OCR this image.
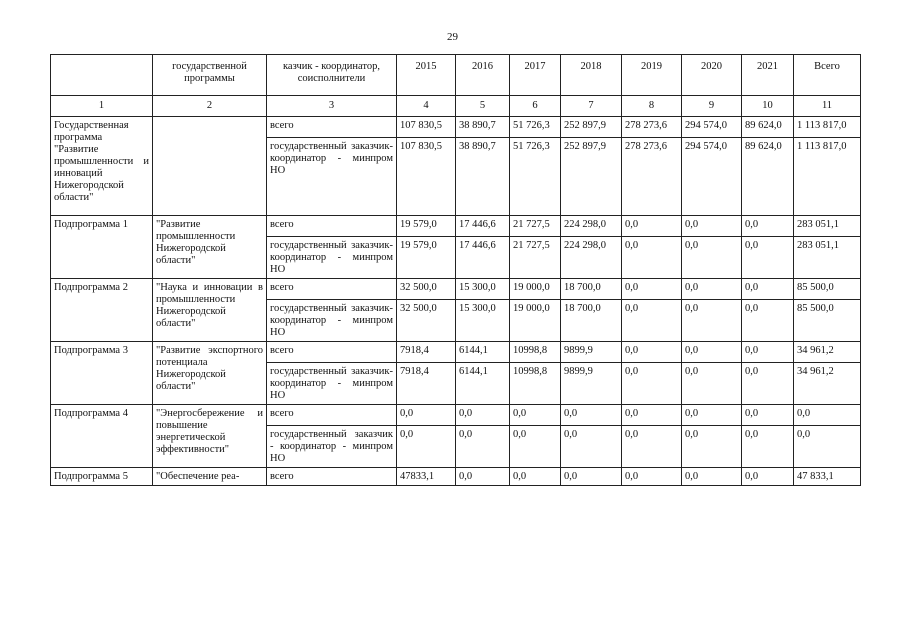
29
	государственной программы	казчик - координатор, соисполнители	2015	2016	2017	2018	2019	2020	2021	Всего
1	2	3	4	5	6	7	8	9	10	11
Государственная программа "Развитие промышленности и инноваций Нижегородской области"		всего	107 830,5	38 890,7	51 726,3	252 897,9	278 273,6	294 574,0	89 624,0	1 113 817,0
		государственный заказчик-координатор - минпром НО	107 830,5	38 890,7	51 726,3	252 897,9	278 273,6	294 574,0	89 624,0	1 113 817,0
Подпрограмма 1	"Развитие промышленности Нижегородской области"	всего	19 579,0	17 446,6	21 727,5	224 298,0	0,0	0,0	0,0	283 051,1
		государственный заказчик-координатор - минпром НО	19 579,0	17 446,6	21 727,5	224 298,0	0,0	0,0	0,0	283 051,1
Подпрограмма 2	"Наука и инновации в промышленности Нижегородской области"	всего	32 500,0	15 300,0	19 000,0	18 700,0	0,0	0,0	0,0	85 500,0
		государственный заказчик-координатор - минпром НО	32 500,0	15 300,0	19 000,0	18 700,0	0,0	0,0	0,0	85 500,0
Подпрограмма 3	"Развитие экспортного потенциала Нижегородской области"	всего	7918,4	6144,1	10998,8	9899,9	0,0	0,0	0,0	34 961,2
		государственный заказчик-координатор - минпром НО	7918,4	6144,1	10998,8	9899,9	0,0	0,0	0,0	34 961,2
Подпрограмма 4	"Энергосбережение и повышение энергетической эффективности"	всего	0,0	0,0	0,0	0,0	0,0	0,0	0,0	0,0
		государственный заказчик - координатор - минпром НО	0,0	0,0	0,0	0,0	0,0	0,0	0,0	0,0
Подпрограмма 5	"Обеспечение реа-	всего	47833,1	0,0	0,0	0,0	0,0	0,0	0,0	47 833,1
